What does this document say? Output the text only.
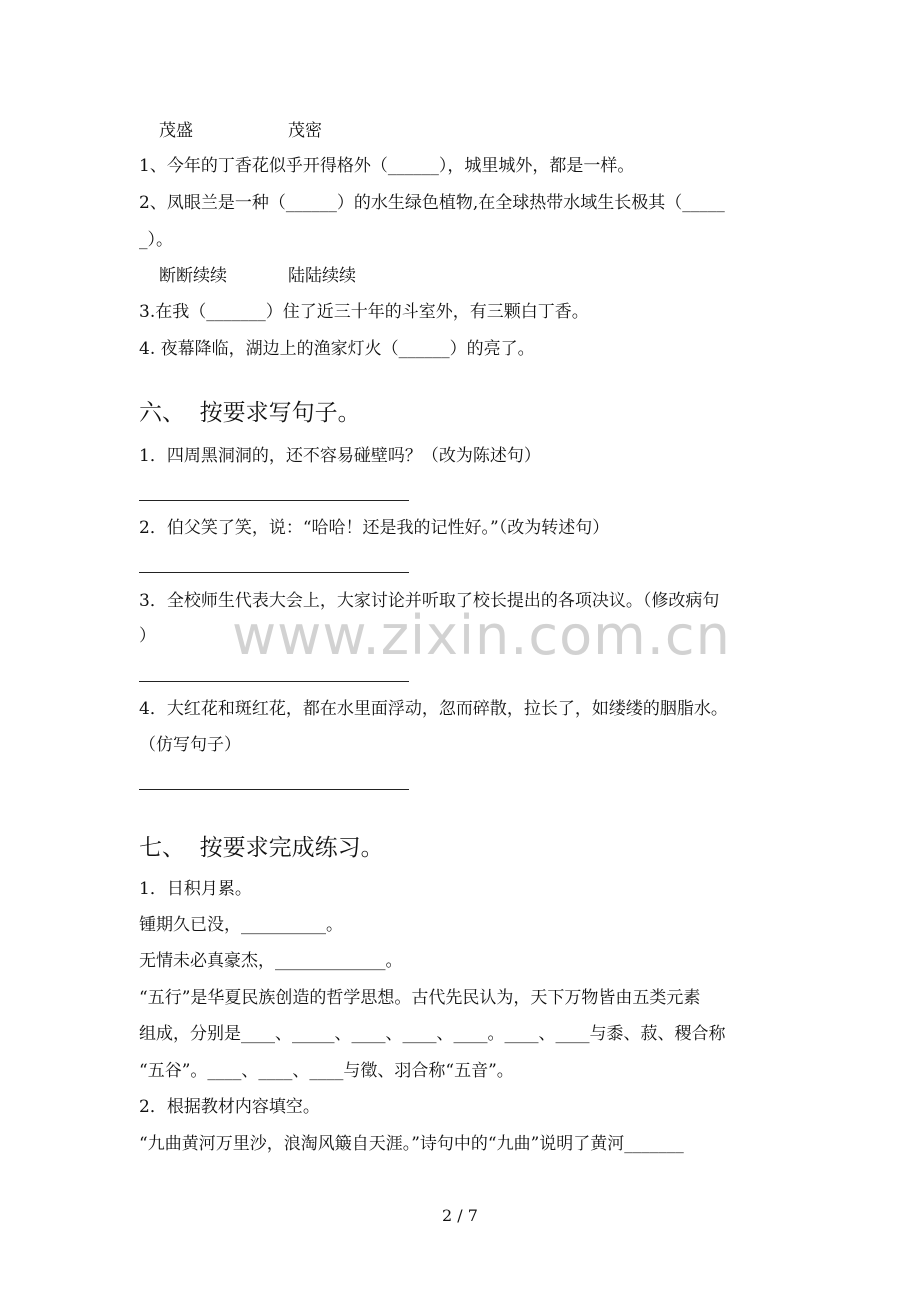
茂盛	茂密
1、今年的丁香花似乎开得格外（______），城里城外，都是一样。
2、凤眼兰是一种（______）的水生绿色植物,在全球热带水域生长极其（_____
_）。
断断续续	陆陆续续
3.在我（_______）住了近三十年的斗室外，有三颗白丁香。
4. 夜幕降临，湖边上的渔家灯火（______）的亮了。
六、  按要求写句子。
1．四周黑洞洞的，还不容易碰壁吗？（改为陈述句）
2．伯父笑了笑，说：“哈哈！还是我的记性好。”（改为转述句）
3．全校师生代表大会上，大家讨论并听取了校长提出的各项决议。（修改病句
）
4．大红花和斑红花，都在水里面浮动，忽而碎散，拉长了，如缕缕的胭脂水。
（仿写句子）
七、  按要求完成练习。
1．日积月累。
锺期久已没，__________。
无情未必真豪杰，_____________。
“五行”是华夏民族创造的哲学思想。古代先民认为，天下万物皆由五类元素
组成，分别是____、_____、____、____、____。____、____与黍、菽、稷合称
“五谷”。____、____、____与徵、羽合称“五音”。
2．根据教材内容填空。
“九曲黄河万里沙，浪淘风簸自天涯。”诗句中的“九曲”说明了黄河_______
www.zixin.com.cn
2 / 7
